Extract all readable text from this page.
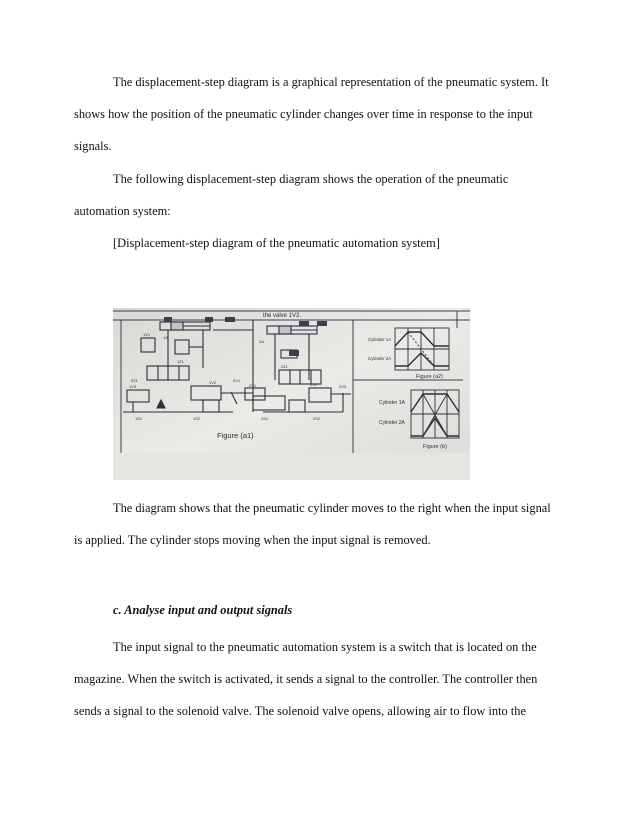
The displacement-step diagram is a graphical representation of the pneumatic system. It

shows how the position of the pneumatic cylinder changes over time in response to the input

signals.

The following displacement-step diagram shows the operation of the pneumatic

automation system:

[Displacement-step diagram of the pneumatic automation system]

the valve 1V2.
Figure (a1)
Cylinder 1A
Cylinder 2A
Figure (a2)
Cylinder 1A
Cylinder 2A
Figure (b)
1A
2A
1V1
1V2
1V3	2V1	2V2	2V3
1S1	1S2	2S1	2S2
1Z1
2Z1
0Z1	0V1

The diagram shows that the pneumatic cylinder moves to the right when the input signal

is applied. The cylinder stops moving when the input signal is removed.

c. Analyse input and output signals

The input signal to the pneumatic automation system is a switch that is located on the

magazine. When the switch is activated, it sends a signal to the controller. The controller then

sends a signal to the solenoid valve. The solenoid valve opens, allowing air to flow into the
